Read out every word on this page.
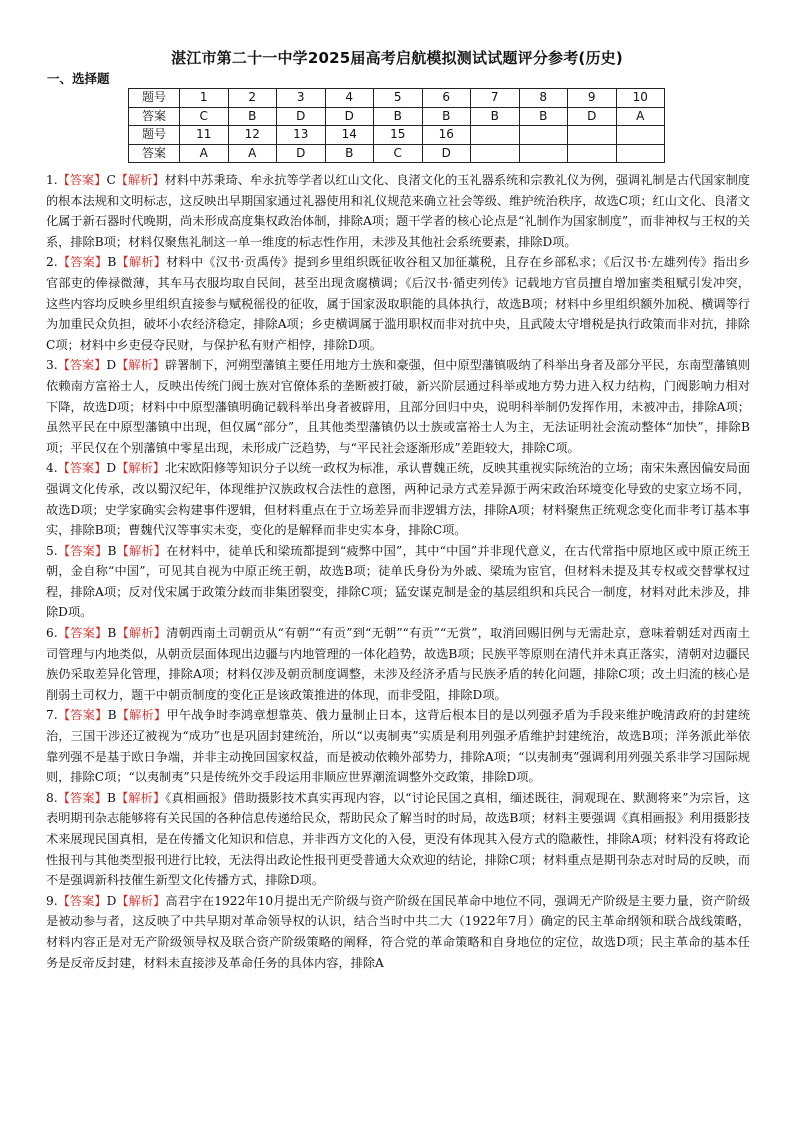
湛江市第二十一中学2025届高考启航模拟测试试题评分参考(历史)
一、选择题
题号	1	2	3	4	5	6	7	8	9	10
答案	C	B	D	D	B	B	B	B	D	A
题号	11	12	13	14	15	16				
答案	A	A	D	B	C	D				

1.【答案】C【解析】材料中苏秉琦、牟永抗等学者以红山文化、良渚文化的玉礼器系统和宗教礼仪为例，强调礼制是古代国家制度的根本法规和文明标志，这反映出早期国家通过礼器使用和礼仪规范来确立社会等级、维护统治秩序，故选C项；红山文化、良渚文化属于新石器时代晚期，尚未形成高度集权政治体制，排除A项；题干学者的核心论点是“礼制作为国家制度”，而非神权与王权的关系，排除B项；材料仅聚焦礼制这一单一维度的标志性作用，未涉及其他社会系统要素，排除D项。

2.【答案】B【解析】材料中《汉书·贡禹传》提到乡里组织既征收谷租又加征藁税，且存在乡部私求；《后汉书·左雄列传》指出乡官部吏的俸禄微薄，其车马衣服均取自民间，甚至出现贪腐横调；《后汉书·循吏列传》记载地方官员擅自增加蜜类租赋引发冲突，这些内容均反映乡里组织直接参与赋税徭役的征收，属于国家汲取职能的具体执行，故选B项；材料中乡里组织额外加税、横调等行为加重民众负担，破坏小农经济稳定，排除A项；乡吏横调属于滥用职权而非对抗中央，且武陵太守增税是执行政策而非对抗，排除C项；材料中乡吏侵夺民财，与保护私有财产相悖，排除D项。

3.【答案】D【解析】辟署制下，河朔型藩镇主要任用地方士族和豪强，但中原型藩镇吸纳了科举出身者及部分平民，东南型藩镇则依赖南方富裕士人，反映出传统门阀士族对官僚体系的垄断被打破，新兴阶层通过科举或地方势力进入权力结构，门阀影响力相对下降，故选D项；材料中中原型藩镇明确记载科举出身者被辟用，且部分回归中央，说明科举制仍发挥作用，未被冲击，排除A项；虽然平民在中原型藩镇中出现，但仅属“部分”，且其他类型藩镇仍以士族或富裕士人为主，无法证明社会流动整体“加快”，排除B项；平民仅在个别藩镇中零星出现，未形成广泛趋势，与“平民社会逐渐形成”差距较大，排除C项。

4.【答案】D【解析】北宋欧阳修等知识分子以统一政权为标准，承认曹魏正统，反映其重视实际统治的立场；南宋朱熹因偏安局面强调文化传承，改以蜀汉纪年，体现维护汉族政权合法性的意图，两种记录方式差异源于两宋政治环境变化导致的史家立场不同，故选D项；史学家确实会构建事件逻辑，但材料重点在于立场差异而非逻辑方法，排除A项；材料聚焦正统观念变化而非考订基本事实，排除B项；曹魏代汉等事实未变，变化的是解释而非史实本身，排除C项。

5.【答案】B【解析】在材料中，徒单氏和梁琉都提到“疲弊中国”，其中“中国”并非现代意义，在古代常指中原地区或中原正统王朝，金自称“中国”，可见其自视为中原正统王朝，故选B项；徒单氏身份为外戚、梁琉为宦官，但材料未提及其专权或交替掌权过程，排除A项；反对伐宋属于政策分歧而非集团裂变，排除C项；猛安谋克制是金的基层组织和兵民合一制度，材料对此未涉及，排除D项。

6.【答案】B【解析】清朝西南土司朝贡从“有朝”“有贡”到“无朝”“有贡”“无赏”，取消回赐旧例与无需赴京，意味着朝廷对西南土司管理与内地类似，从朝贡层面体现出边疆与内地管理的一体化趋势，故选B项；民族平等原则在清代并未真正落实，清朝对边疆民族仍采取差异化管理，排除A项；材料仅涉及朝贡制度调整，未涉及经济矛盾与民族矛盾的转化问题，排除C项；改土归流的核心是削弱土司权力，题干中朝贡制度的变化正是该政策推进的体现，而非受阻，排除D项。

7.【答案】B【解析】甲午战争时李鸿章想靠英、俄力量制止日本，这背后根本目的是以列强矛盾为手段来维护晚清政府的封建统治，三国干涉还辽被视为“成功”也是巩固封建统治，所以“以夷制夷”实质是利用列强矛盾维护封建统治，故选B项；洋务派此举依靠列强不是基于欧日争端，并非主动挽回国家权益，而是被动依赖外部势力，排除A项；“以夷制夷”强调利用列强关系非学习国际规则，排除C项；“以夷制夷”只是传统外交手段运用非顺应世界潮流调整外交政策，排除D项。

8.【答案】B【解析】《真相画报》借助摄影技术真实再现内容，以“讨论民国之真相，缅述既往，洞观现在、默测将来”为宗旨，这表明期刊杂志能够将有关民国的各种信息传递给民众，帮助民众了解当时的时局，故选B项；材料主要强调《真相画报》利用摄影技术来展现民国真相，是在传播文化知识和信息，并非西方文化的入侵，更没有体现其入侵方式的隐蔽性，排除A项；材料没有将政论性报刊与其他类型报刊进行比较，无法得出政论性报刊更受普通大众欢迎的结论，排除C项；材料重点是期刊杂志对时局的反映，而不是强调新科技催生新型文化传播方式，排除D项。

9.【答案】D【解析】高君宇在1922年10月提出无产阶级与资产阶级在国民革命中地位不同，强调无产阶级是主要力量，资产阶级是被动参与者，这反映了中共早期对革命领导权的认识，结合当时中共二大（1922年7月）确定的民主革命纲领和联合战线策略，材料内容正是对无产阶级领导权及联合资产阶级策略的阐释，符合党的革命策略和自身地位的定位，故选D项；民主革命的基本任务是反帝反封建，材料未直接涉及革命任务的具体内容，排除A
